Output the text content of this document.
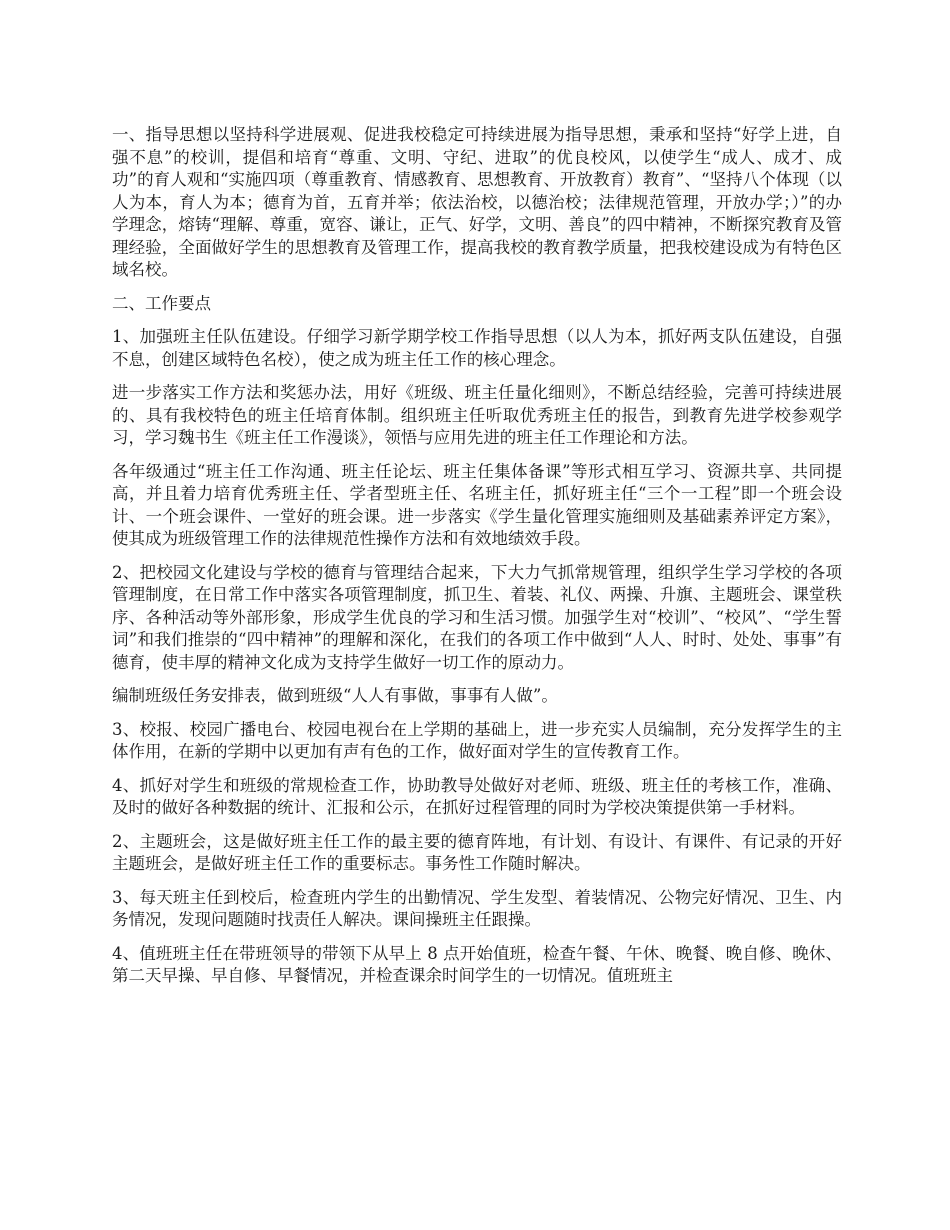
一、指导思想以坚持科学进展观、促进我校稳定可持续进展为指导思想，秉承和坚持“好学上进，自强不息”的校训，提倡和培育“尊重、文明、守纪、进取”的优良校风，以使学生“成人、成才、成功”的育人观和“实施四项（尊重教育、情感教育、思想教育、开放教育）教育”、“坚持八个体现（以人为本，育人为本；德育为首，五育并举；依法治校，以德治校；法律规范管理，开放办学；）”的办学理念，熔铸“理解、尊重，宽容、谦让，正气、好学，文明、善良”的四中精神，不断探究教育及管理经验，全面做好学生的思想教育及管理工作，提高我校的教育教学质量，把我校建设成为有特色区域名校。

二、工作要点

1、加强班主任队伍建设。仔细学习新学期学校工作指导思想（以人为本，抓好两支队伍建设，自强不息，创建区域特色名校），使之成为班主任工作的核心理念。

进一步落实工作方法和奖惩办法，用好《班级、班主任量化细则》，不断总结经验，完善可持续进展的、具有我校特色的班主任培育体制。组织班主任听取优秀班主任的报告，到教育先进学校参观学习，学习魏书生《班主任工作漫谈》，领悟与应用先进的班主任工作理论和方法。

各年级通过“班主任工作沟通、班主任论坛、班主任集体备课”等形式相互学习、资源共享、共同提高，并且着力培育优秀班主任、学者型班主任、名班主任，抓好班主任“三个一工程”即一个班会设计、一个班会课件、一堂好的班会课。进一步落实《学生量化管理实施细则及基础素养评定方案》，使其成为班级管理工作的法律规范性操作方法和有效地绩效手段。

2、把校园文化建设与学校的德育与管理结合起来，下大力气抓常规管理，组织学生学习学校的各项管理制度，在日常工作中落实各项管理制度，抓卫生、着装、礼仪、两操、升旗、主题班会、课堂秩序、各种活动等外部形象，形成学生优良的学习和生活习惯。加强学生对“校训”、“校风”、“学生誓词”和我们推崇的“四中精神”的理解和深化，在我们的各项工作中做到“人人、时时、处处、事事”有德育，使丰厚的精神文化成为支持学生做好一切工作的原动力。

编制班级任务安排表，做到班级“人人有事做，事事有人做”。

3、校报、校园广播电台、校园电视台在上学期的基础上，进一步充实人员编制，充分发挥学生的主体作用，在新的学期中以更加有声有色的工作，做好面对学生的宣传教育工作。

4、抓好对学生和班级的常规检查工作，协助教导处做好对老师、班级、班主任的考核工作，准确、及时的做好各种数据的统计、汇报和公示，在抓好过程管理的同时为学校决策提供第一手材料。

2、主题班会，这是做好班主任工作的最主要的德育阵地，有计划、有设计、有课件、有记录的开好主题班会，是做好班主任工作的重要标志。事务性工作随时解决。

3、每天班主任到校后，检查班内学生的出勤情况、学生发型、着装情况、公物完好情况、卫生、内务情况，发现问题随时找责任人解决。课间操班主任跟操。

4、值班班主任在带班领导的带领下从早上 8 点开始值班，检查午餐、午休、晚餐、晚自修、晚休、第二天早操、早自修、早餐情况，并检查课余时间学生的一切情况。值班班主
